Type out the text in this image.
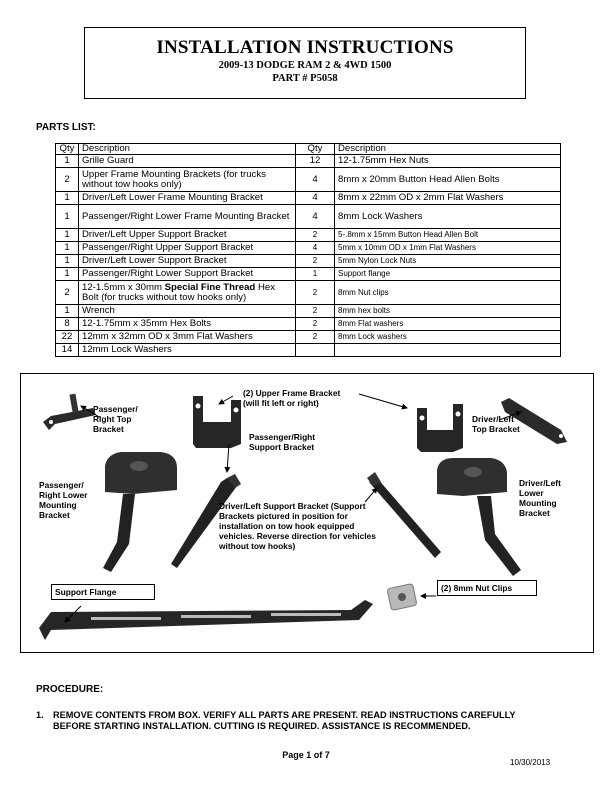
INSTALLATION INSTRUCTIONS
2009-13 DODGE RAM 2 & 4WD 1500
PART # P5058
PARTS LIST:
Qty	Description	Qty	Description
1	Grille Guard	12	12-1.75mm Hex Nuts
2	Upper Frame Mounting Brackets (for trucks without tow hooks only)	4	8mm x 20mm Button Head Allen Bolts
1	Driver/Left Lower Frame Mounting Bracket	4	8mm x 22mm OD x 2mm Flat Washers
1	Passenger/Right Lower Frame Mounting Bracket	4	8mm Lock Washers
1	Driver/Left Upper Support Bracket	2	5-.8mm x 15mm Button Head Allen Bolt
1	Passenger/Right Upper Support Bracket	4	5mm x 10mm OD x 1mm Flat Washers
1	Driver/Left Lower Support Bracket	2	5mm Nylon Lock Nuts
1	Passenger/Right Lower Support Bracket	1	Support flange
2	12-1.5mm x 30mm Special Fine Thread Hex Bolt (for trucks without tow hooks only)	2	8mm Nut clips
1	Wrench	2	8mm hex bolts
8	12-1.75mm x 35mm Hex Bolts	2	8mm Flat washers
22	12mm x 32mm OD x 3mm Flat Washers	2	8mm Lock washers
14	12mm Lock Washers		
(2) Upper Frame Bracket
(will fit left or right)
Passenger/
Right Top
Bracket
Driver/Left
Top Bracket
Passenger/Right
Support Bracket
Passenger/
Right Lower
Mounting
Bracket
Driver/Left
Lower
Mounting
Bracket
Driver/Left Support Bracket (Support
Brackets pictured in position for
installation on tow hook equipped
vehicles. Reverse direction for vehicles
without tow hooks)
Support Flange	(2) 8mm Nut Clips
PROCEDURE:
1. REMOVE CONTENTS FROM BOX. VERIFY ALL PARTS ARE PRESENT. READ INSTRUCTIONS CAREFULLY BEFORE STARTING INSTALLATION. CUTTING IS REQUIRED. ASSISTANCE IS RECOMMENDED.
Page 1 of 7
10/30/2013
